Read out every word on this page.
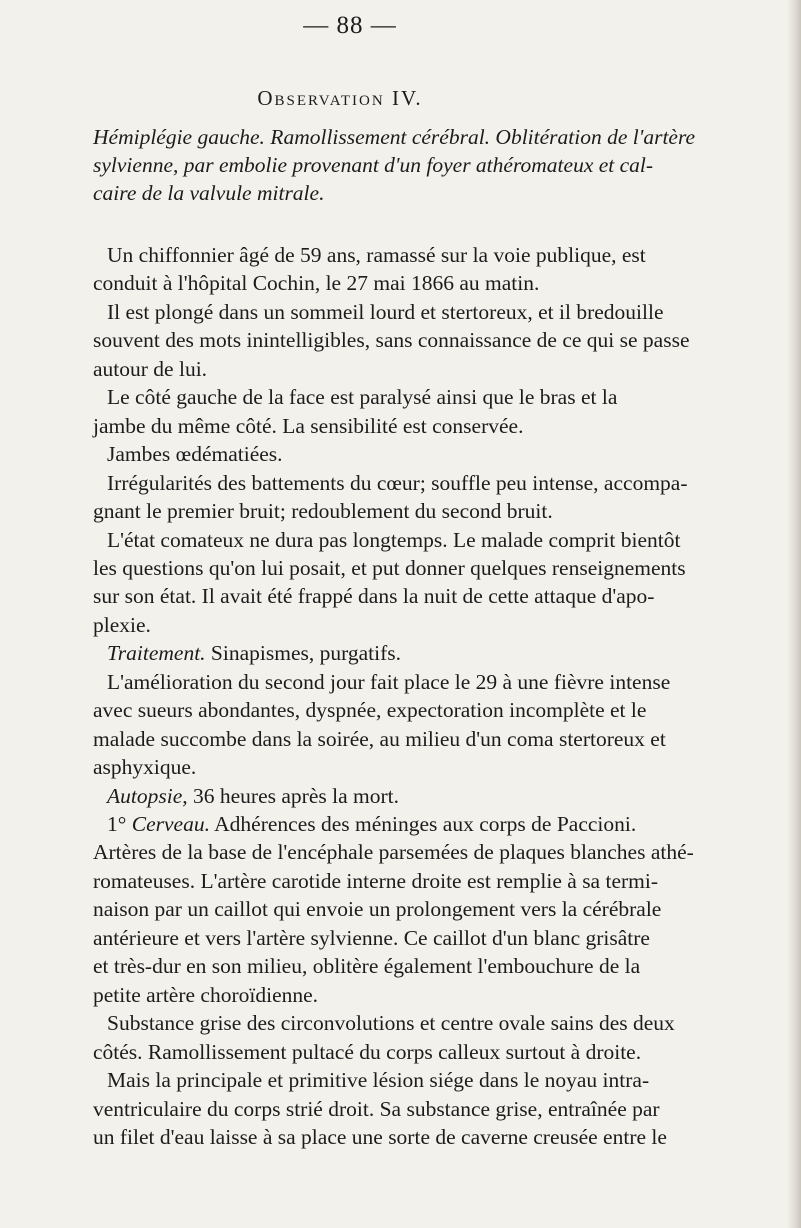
— 88 —
Observation IV.
Hémiplégie gauche. Ramollissement cérébral. Oblitération de l'artère
sylvienne, par embolie provenant d'un foyer athéromateux et cal-
caire de la valvule mitrale.
Un chiffonnier âgé de 59 ans, ramassé sur la voie publique, est
conduit à l'hôpital Cochin, le 27 mai 1866 au matin.
Il est plongé dans un sommeil lourd et stertoreux, et il bredouille
souvent des mots inintelligibles, sans connaissance de ce qui se passe
autour de lui.
Le côté gauche de la face est paralysé ainsi que le bras et la
jambe du même côté. La sensibilité est conservée.
Jambes œdématiées.
Irrégularités des battements du cœur; souffle peu intense, accompa-
gnant le premier bruit; redoublement du second bruit.
L'état comateux ne dura pas longtemps. Le malade comprit bientôt
les questions qu'on lui posait, et put donner quelques renseignements
sur son état. Il avait été frappé dans la nuit de cette attaque d'apo-
plexie.
Traitement. Sinapismes, purgatifs.
L'amélioration du second jour fait place le 29 à une fièvre intense
avec sueurs abondantes, dyspnée, expectoration incomplète et le
malade succombe dans la soirée, au milieu d'un coma stertoreux et
asphyxique.
Autopsie, 36 heures après la mort.
1° Cerveau. Adhérences des méninges aux corps de Paccioni.
Artères de la base de l'encéphale parsemées de plaques blanches athé-
romateuses. L'artère carotide interne droite est remplie à sa termi-
naison par un caillot qui envoie un prolongement vers la cérébrale
antérieure et vers l'artère sylvienne. Ce caillot d'un blanc grisâtre
et très-dur en son milieu, oblitère également l'embouchure de la
petite artère choroïdienne.
Substance grise des circonvolutions et centre ovale sains des deux
côtés. Ramollissement pultacé du corps calleux surtout à droite.
Mais la principale et primitive lésion siége dans le noyau intra-
ventriculaire du corps strié droit. Sa substance grise, entraînée par
un filet d'eau laisse à sa place une sorte de caverne creusée entre le
